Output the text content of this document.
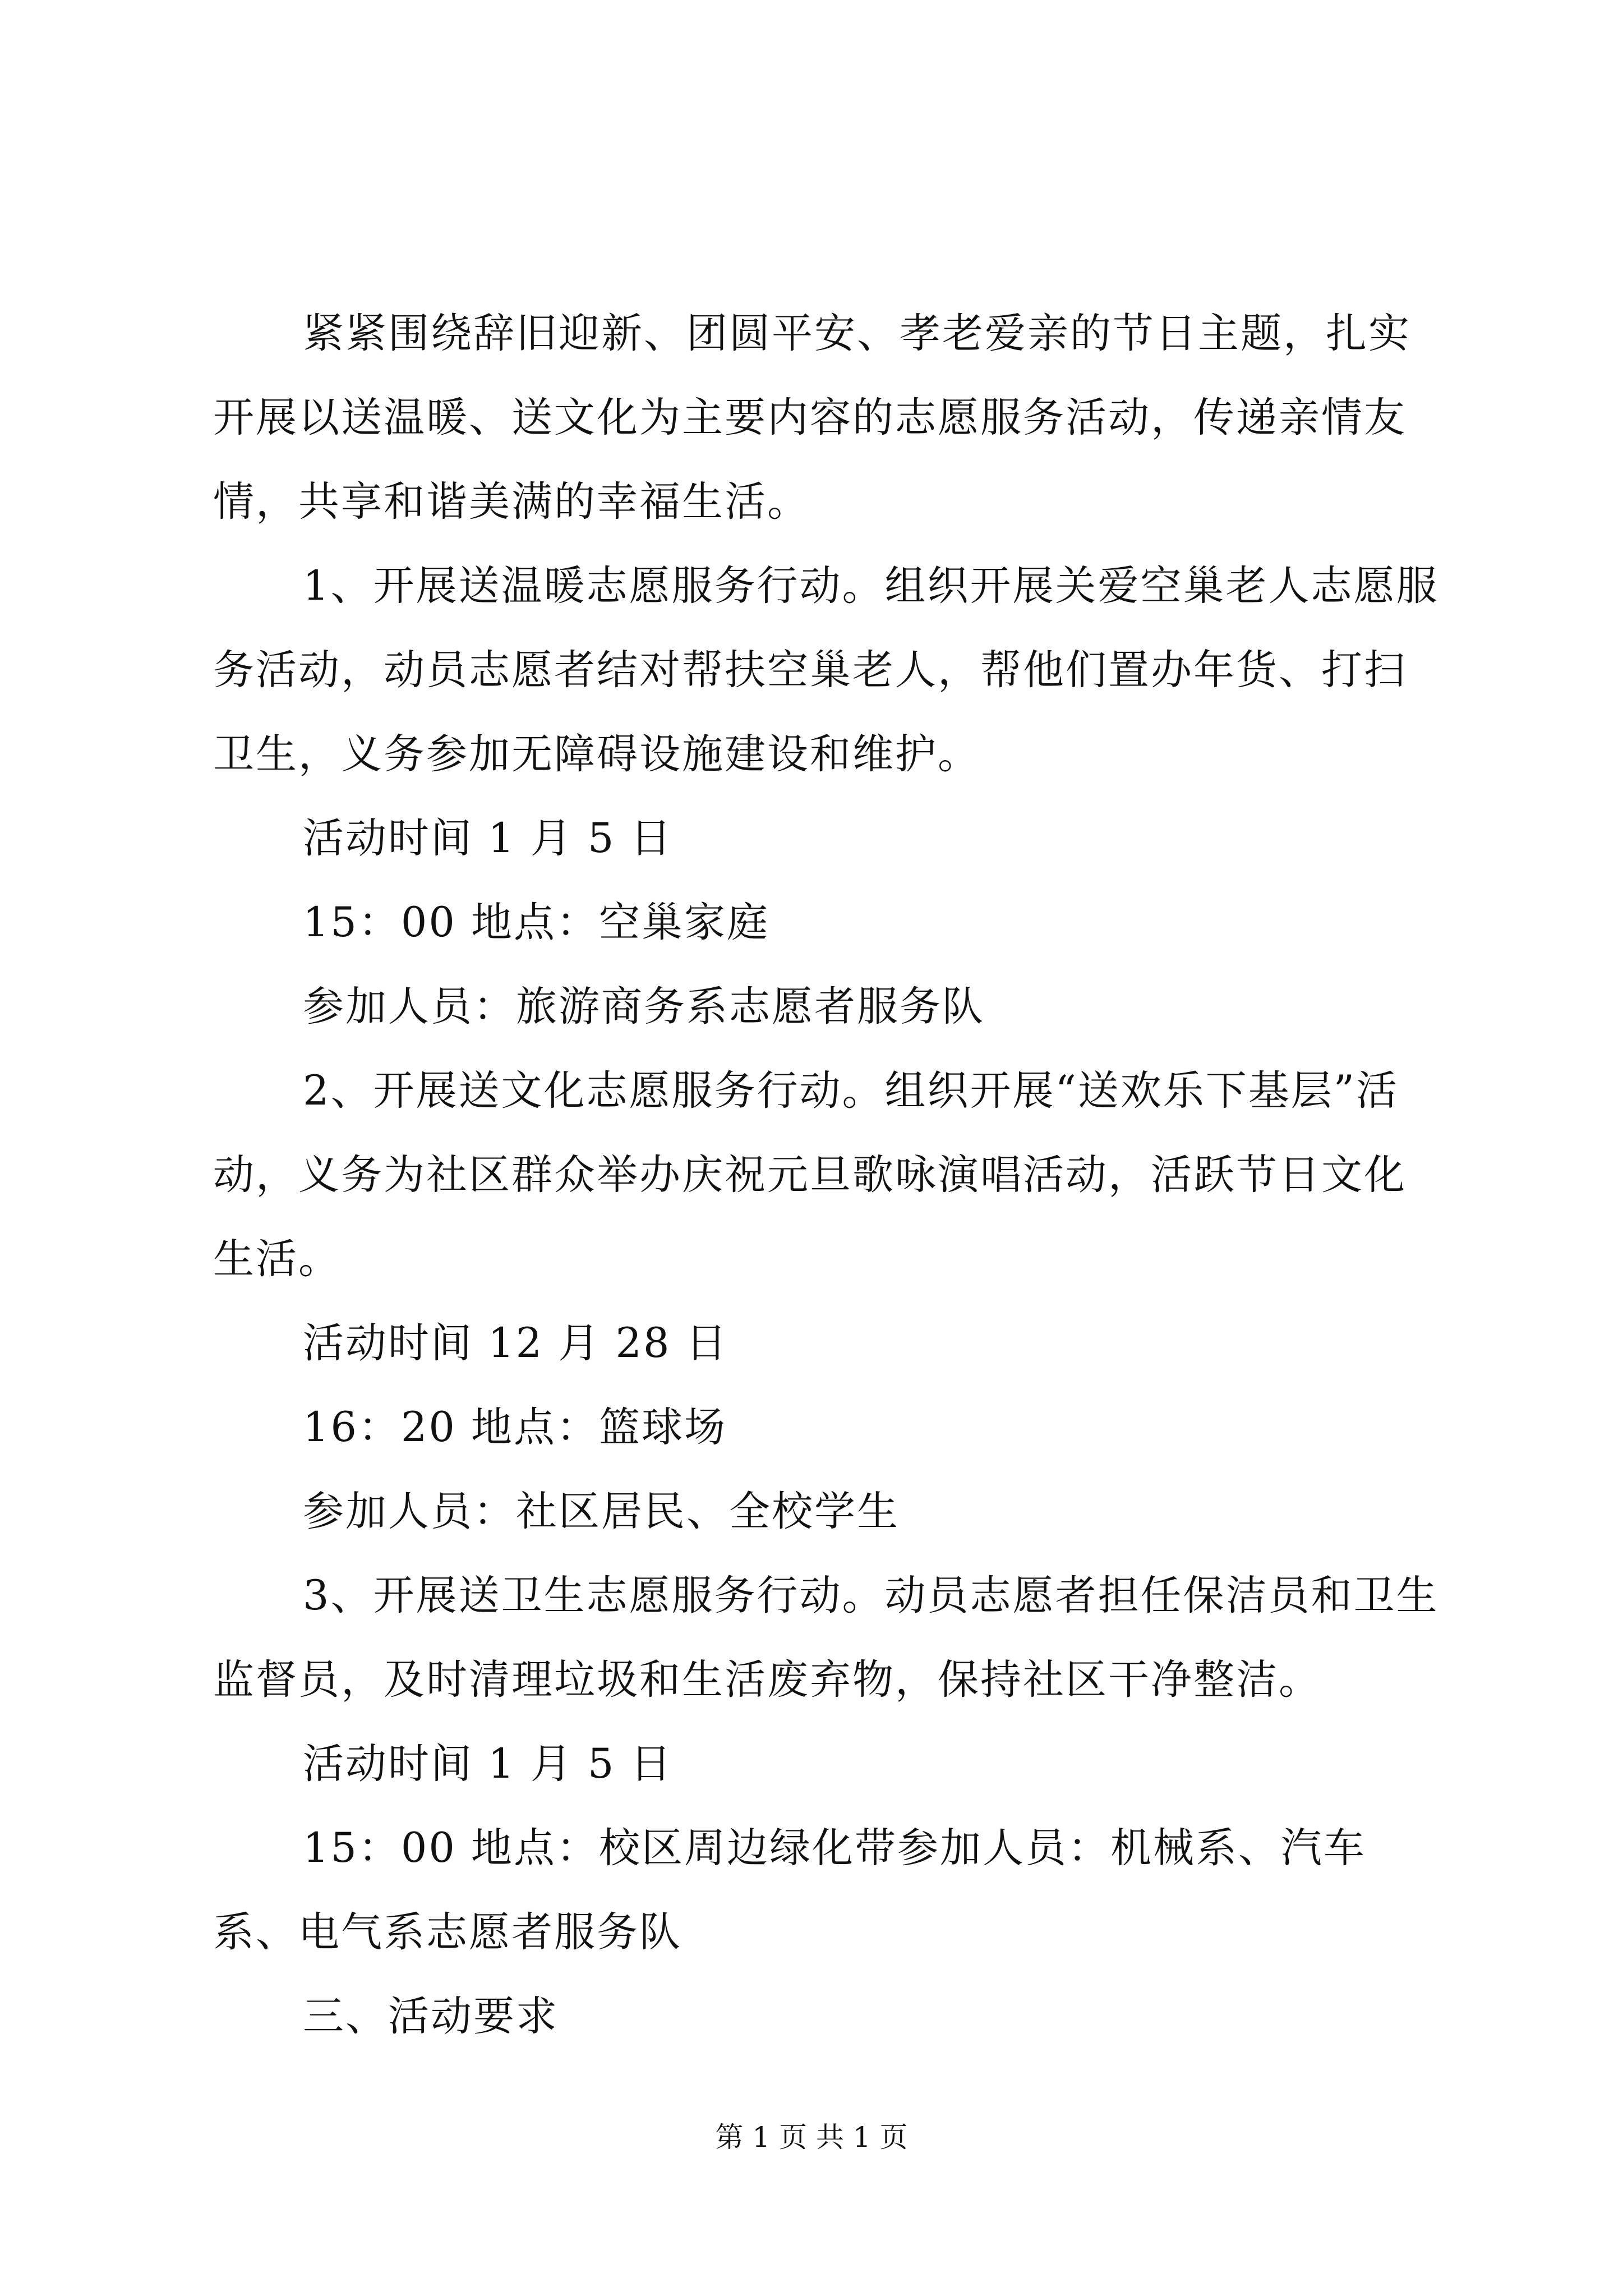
紧紧围绕辞旧迎新、团圆平安、孝老爱亲的节日主题，扎实开展以送温暖、送文化为主要内容的志愿服务活动，传递亲情友情，共享和谐美满的幸福生活。

1、开展送温暖志愿服务行动。组织开展关爱空巢老人志愿服务活动，动员志愿者结对帮扶空巢老人，帮他们置办年货、打扫卫生，义务参加无障碍设施建设和维护。

活动时间 1 月 5 日

15：00 地点：空巢家庭

参加人员：旅游商务系志愿者服务队

2、开展送文化志愿服务行动。组织开展“送欢乐下基层”活动，义务为社区群众举办庆祝元旦歌咏演唱活动，活跃节日文化生活。

活动时间 12 月 28 日

16：20 地点：篮球场

参加人员：社区居民、全校学生

3、开展送卫生志愿服务行动。动员志愿者担任保洁员和卫生监督员，及时清理垃圾和生活废弃物，保持社区干净整洁。

活动时间 1 月 5 日

15：00 地点：校区周边绿化带参加人员：机械系、汽车系、电气系志愿者服务队

三、活动要求

第 1 页 共 1 页
